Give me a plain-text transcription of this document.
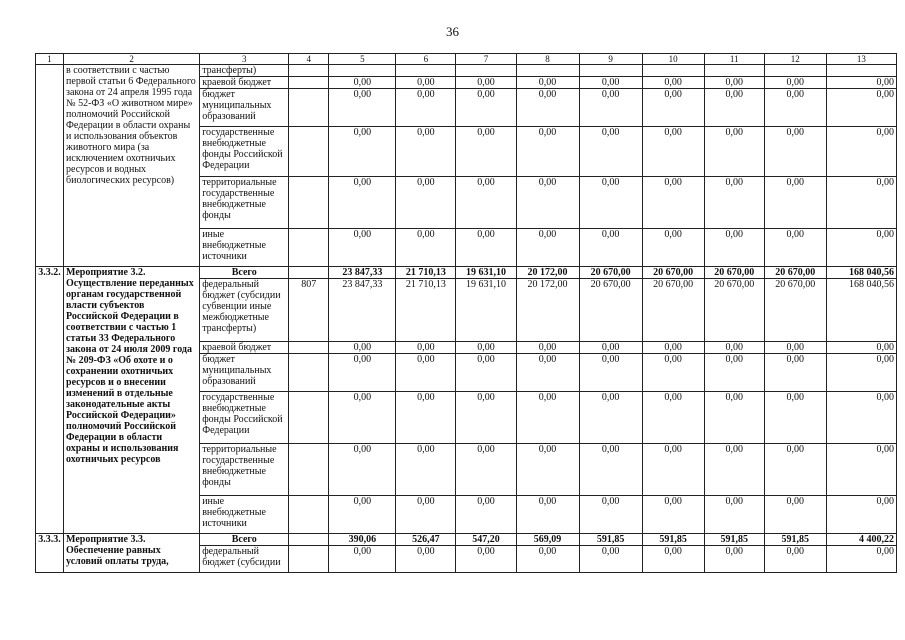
36
1	2	3	4	5	6	7	8	9	10	11	12	13
	в соответствии с частью первой статьи 6 Федерального закона от 24 апреля 1995 года № 52-ФЗ «О животном мире» полномочий Российской Федерации в области охраны и использования объектов животного мира (за исключением охотничьих ресурсов и водных биологических ресурсов)	трансферты)										
		краевой бюджет		0,00	0,00	0,00	0,00	0,00	0,00	0,00	0,00	0,00
		бюджет муниципальных образований		0,00	0,00	0,00	0,00	0,00	0,00	0,00	0,00	0,00
		государственные внебюджетные фонды Российской Федерации		0,00	0,00	0,00	0,00	0,00	0,00	0,00	0,00	0,00
		территориальные государственные внебюджетные фонды		0,00	0,00	0,00	0,00	0,00	0,00	0,00	0,00	0,00
		иные внебюджетные источники		0,00	0,00	0,00	0,00	0,00	0,00	0,00	0,00	0,00
3.3.2.	Мероприятие 3.2. Осуществление переданных органам государственной власти субъектов Российской Федерации в соответствии с частью 1 статьи 33 Федерального закона от 24 июля 2009 года № 209-ФЗ «Об охоте и о сохранении охотничьих ресурсов и о внесении изменений в отдельные законодательные акты Российской Федерации» полномочий Российской Федерации в области охраны и использования охотничьих ресурсов	Всего		23 847,33	21 710,13	19 631,10	20 172,00	20 670,00	20 670,00	20 670,00	20 670,00	168 040,56
		федеральный бюджет (субсидии субвенции иные межбюджетные трансферты)	807	23 847,33	21 710,13	19 631,10	20 172,00	20 670,00	20 670,00	20 670,00	20 670,00	168 040,56
		краевой бюджет		0,00	0,00	0,00	0,00	0,00	0,00	0,00	0,00	0,00
		бюджет муниципальных образований		0,00	0,00	0,00	0,00	0,00	0,00	0,00	0,00	0,00
		государственные внебюджетные фонды Российской Федерации		0,00	0,00	0,00	0,00	0,00	0,00	0,00	0,00	0,00
		территориальные государственные внебюджетные фонды		0,00	0,00	0,00	0,00	0,00	0,00	0,00	0,00	0,00
		иные внебюджетные источники		0,00	0,00	0,00	0,00	0,00	0,00	0,00	0,00	0,00
3.3.3.	Мероприятие 3.3. Обеспечение равных условий оплаты труда,	Всего		390,06	526,47	547,20	569,09	591,85	591,85	591,85	591,85	4 400,22
		федеральный бюджет (субсидии		0,00	0,00	0,00	0,00	0,00	0,00	0,00	0,00	0,00
